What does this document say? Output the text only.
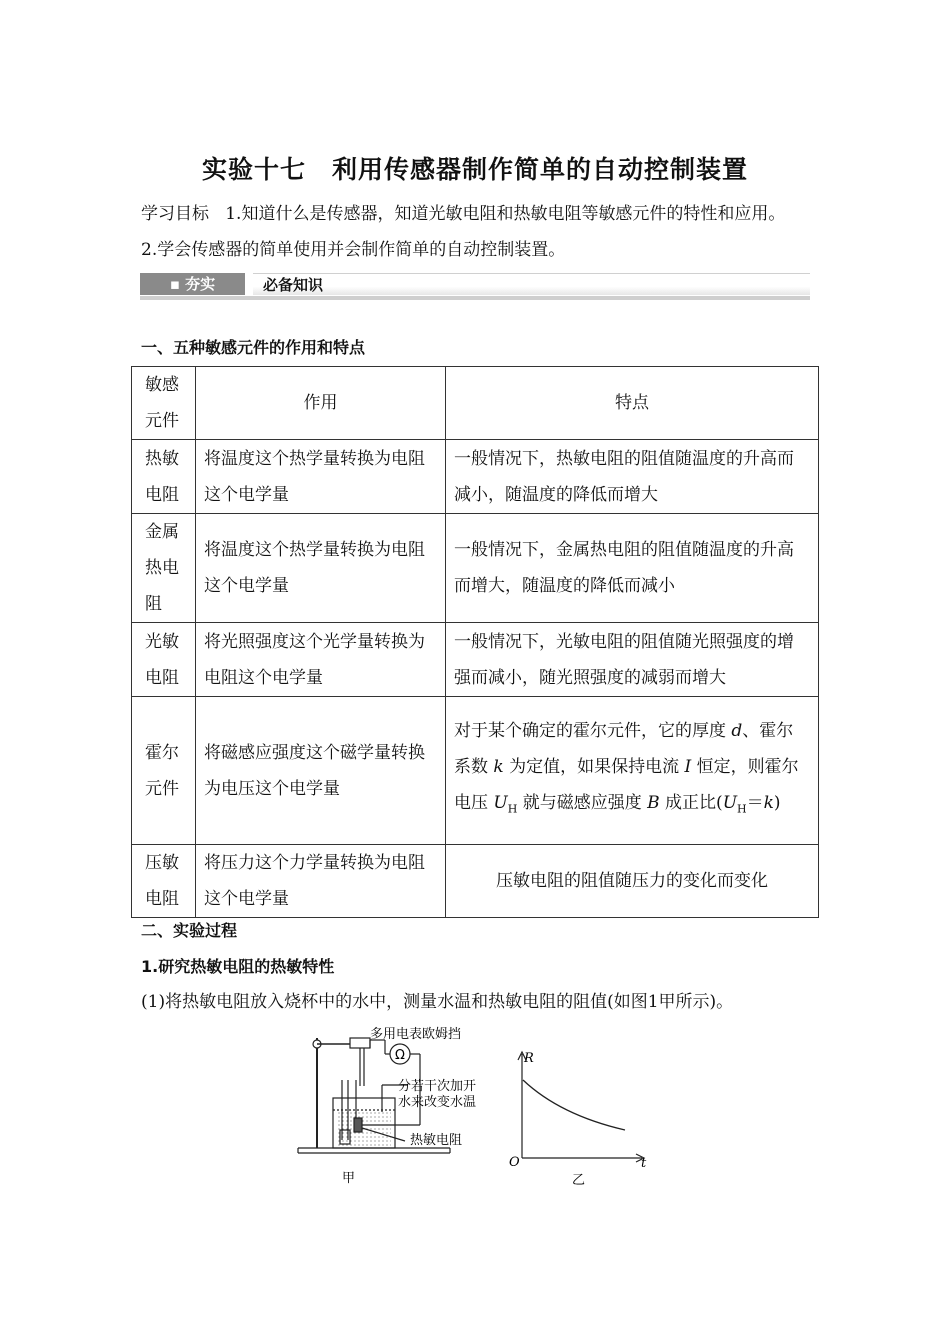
实验十七　利用传感器制作简单的自动控制装置
学习目标 1.知道什么是传感器，知道光敏电阻和热敏电阻等敏感元件的特性和应用。   2.学会传感器的简单使用并会制作简单的自动控制装置。
▪ 夯实	必备知识
一、五种敏感元件的作用和特点
敏感元件	作用	特点
热敏电阻	将温度这个热学量转换为电阻这个电学量	一般情况下，热敏电阻的阻值随温度的升高而减小，随温度的降低而增大
金属热电阻	将温度这个热学量转换为电阻这个电学量	一般情况下，金属热电阻的阻值随温度的升高而增大，随温度的降低而减小
光敏电阻	将光照强度这个光学量转换为电阻这个电学量	一般情况下，光敏电阻的阻值随光照强度的增强而减小，随光照强度的减弱而增大
霍尔元件	将磁感应强度这个磁学量转换为电压这个电学量	对于某个确定的霍尔元件，它的厚度 d、霍尔系数 k 为定值，如果保持电流 I 恒定，则霍尔电压 $U_H$ 就与磁感应强度 B 成正比$(U_H=k)$
压敏电阻	将压力这个力学量转换为电阻这个电学量	压敏电阻的阻值随压力的变化而变化
二、实验过程
1.研究热敏电阻的热敏特性
(1)将热敏电阻放入烧杯中的水中，测量水温和热敏电阻的阻值(如图1甲所示)。
多用电表欧姆挡
Ω
分若干次加开
水来改变水温
热敏电阻
甲
R
t
O
乙
